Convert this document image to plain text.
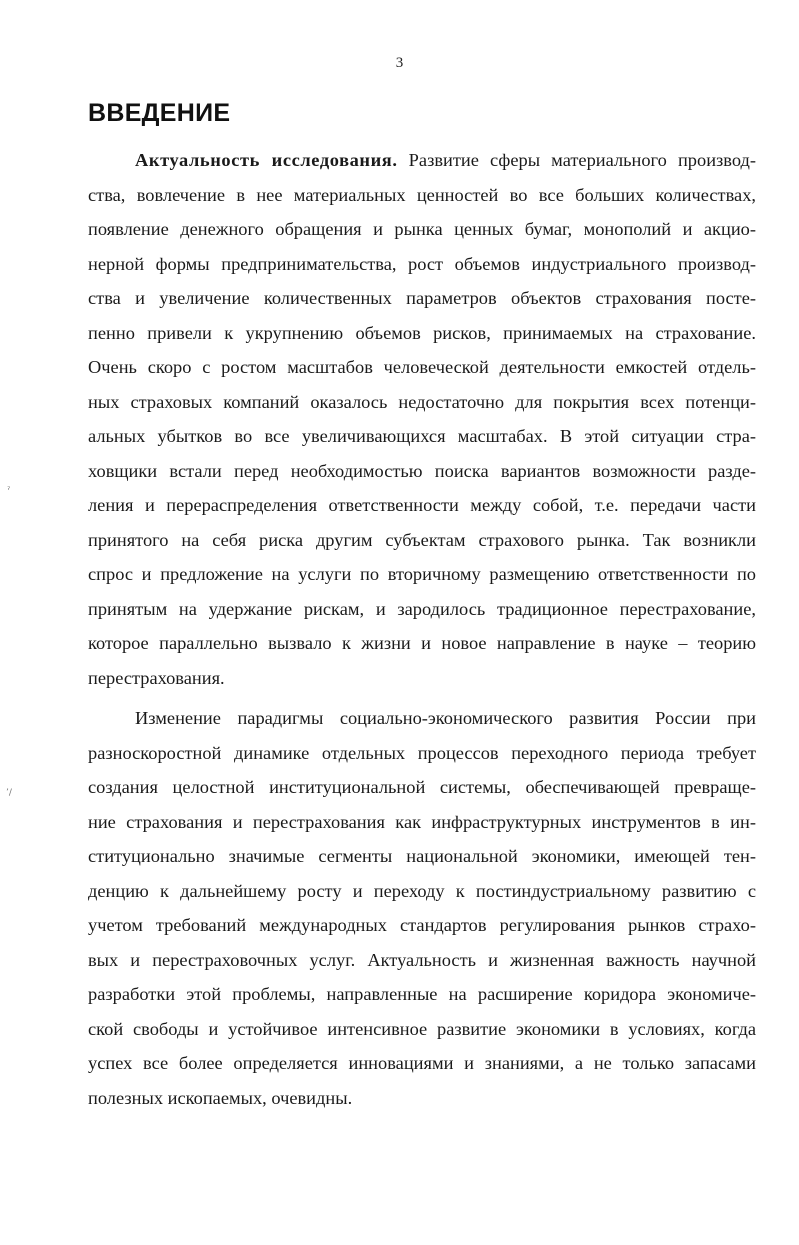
3
ВВЕДЕНИЕ
ˀ
ʼ/
Актуальность исследования. Развитие сферы материального производ-
ства, вовлечение в нее материальных ценностей во все больших количествах,
появление денежного обращения и рынка ценных бумаг, монополий и акцио-
нерной формы предпринимательства, рост объемов индустриального производ-
ства и увеличение количественных параметров объектов страхования посте-
пенно привели к укрупнению объемов рисков, принимаемых на страхование.
Очень скоро с ростом масштабов человеческой деятельности емкостей отдель-
ных страховых компаний оказалось недостаточно для покрытия всех потенци-
альных убытков во все увеличивающихся масштабах. В этой ситуации стра-
ховщики встали перед необходимостью поиска вариантов возможности разде-
ления и перераспределения ответственности между собой, т.е. передачи части
принятого на себя риска другим субъектам страхового рынка. Так возникли
спрос и предложение на услуги по вторичному размещению ответственности по
принятым на удержание рискам, и зародилось традиционное перестрахование,
которое параллельно вызвало к жизни и новое направление в науке – теорию
перестрахования.
Изменение парадигмы социально-экономического развития России при
разноскоростной динамике отдельных процессов переходного периода требует
создания целостной институциональной системы, обеспечивающей превраще-
ние страхования и перестрахования как инфраструктурных инструментов в ин-
ституционально значимые сегменты национальной экономики, имеющей тен-
денцию к дальнейшему росту и переходу к постиндустриальному развитию с
учетом требований международных стандартов регулирования рынков страхо-
вых и перестраховочных услуг. Актуальность и жизненная важность научной
разработки этой проблемы, направленные на расширение коридора экономиче-
ской свободы и устойчивое интенсивное развитие экономики в условиях, когда
успех все более определяется инновациями и знаниями, а не только запасами
полезных ископаемых, очевидны.
